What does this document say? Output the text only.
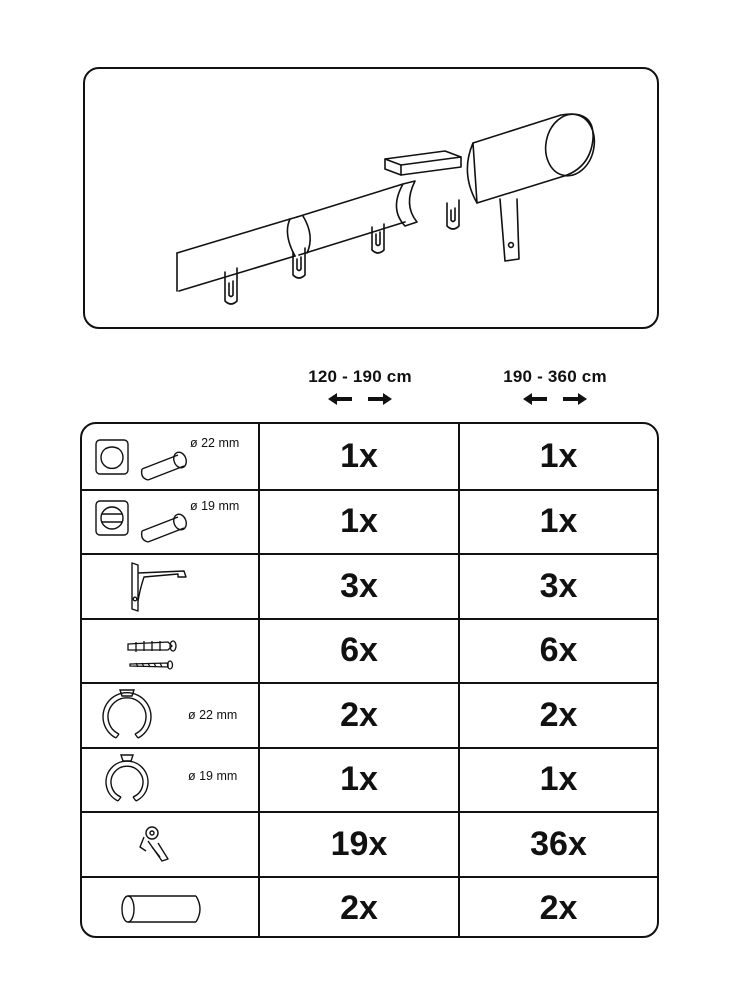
120 - 190 cm	190 - 360 cm
ø 22 mm	1x	1x
ø 19 mm	1x	1x
3x	3x
6x	6x
ø 22 mm	2x	2x
ø 19 mm	1x	1x
19x	36x
2x	2x
